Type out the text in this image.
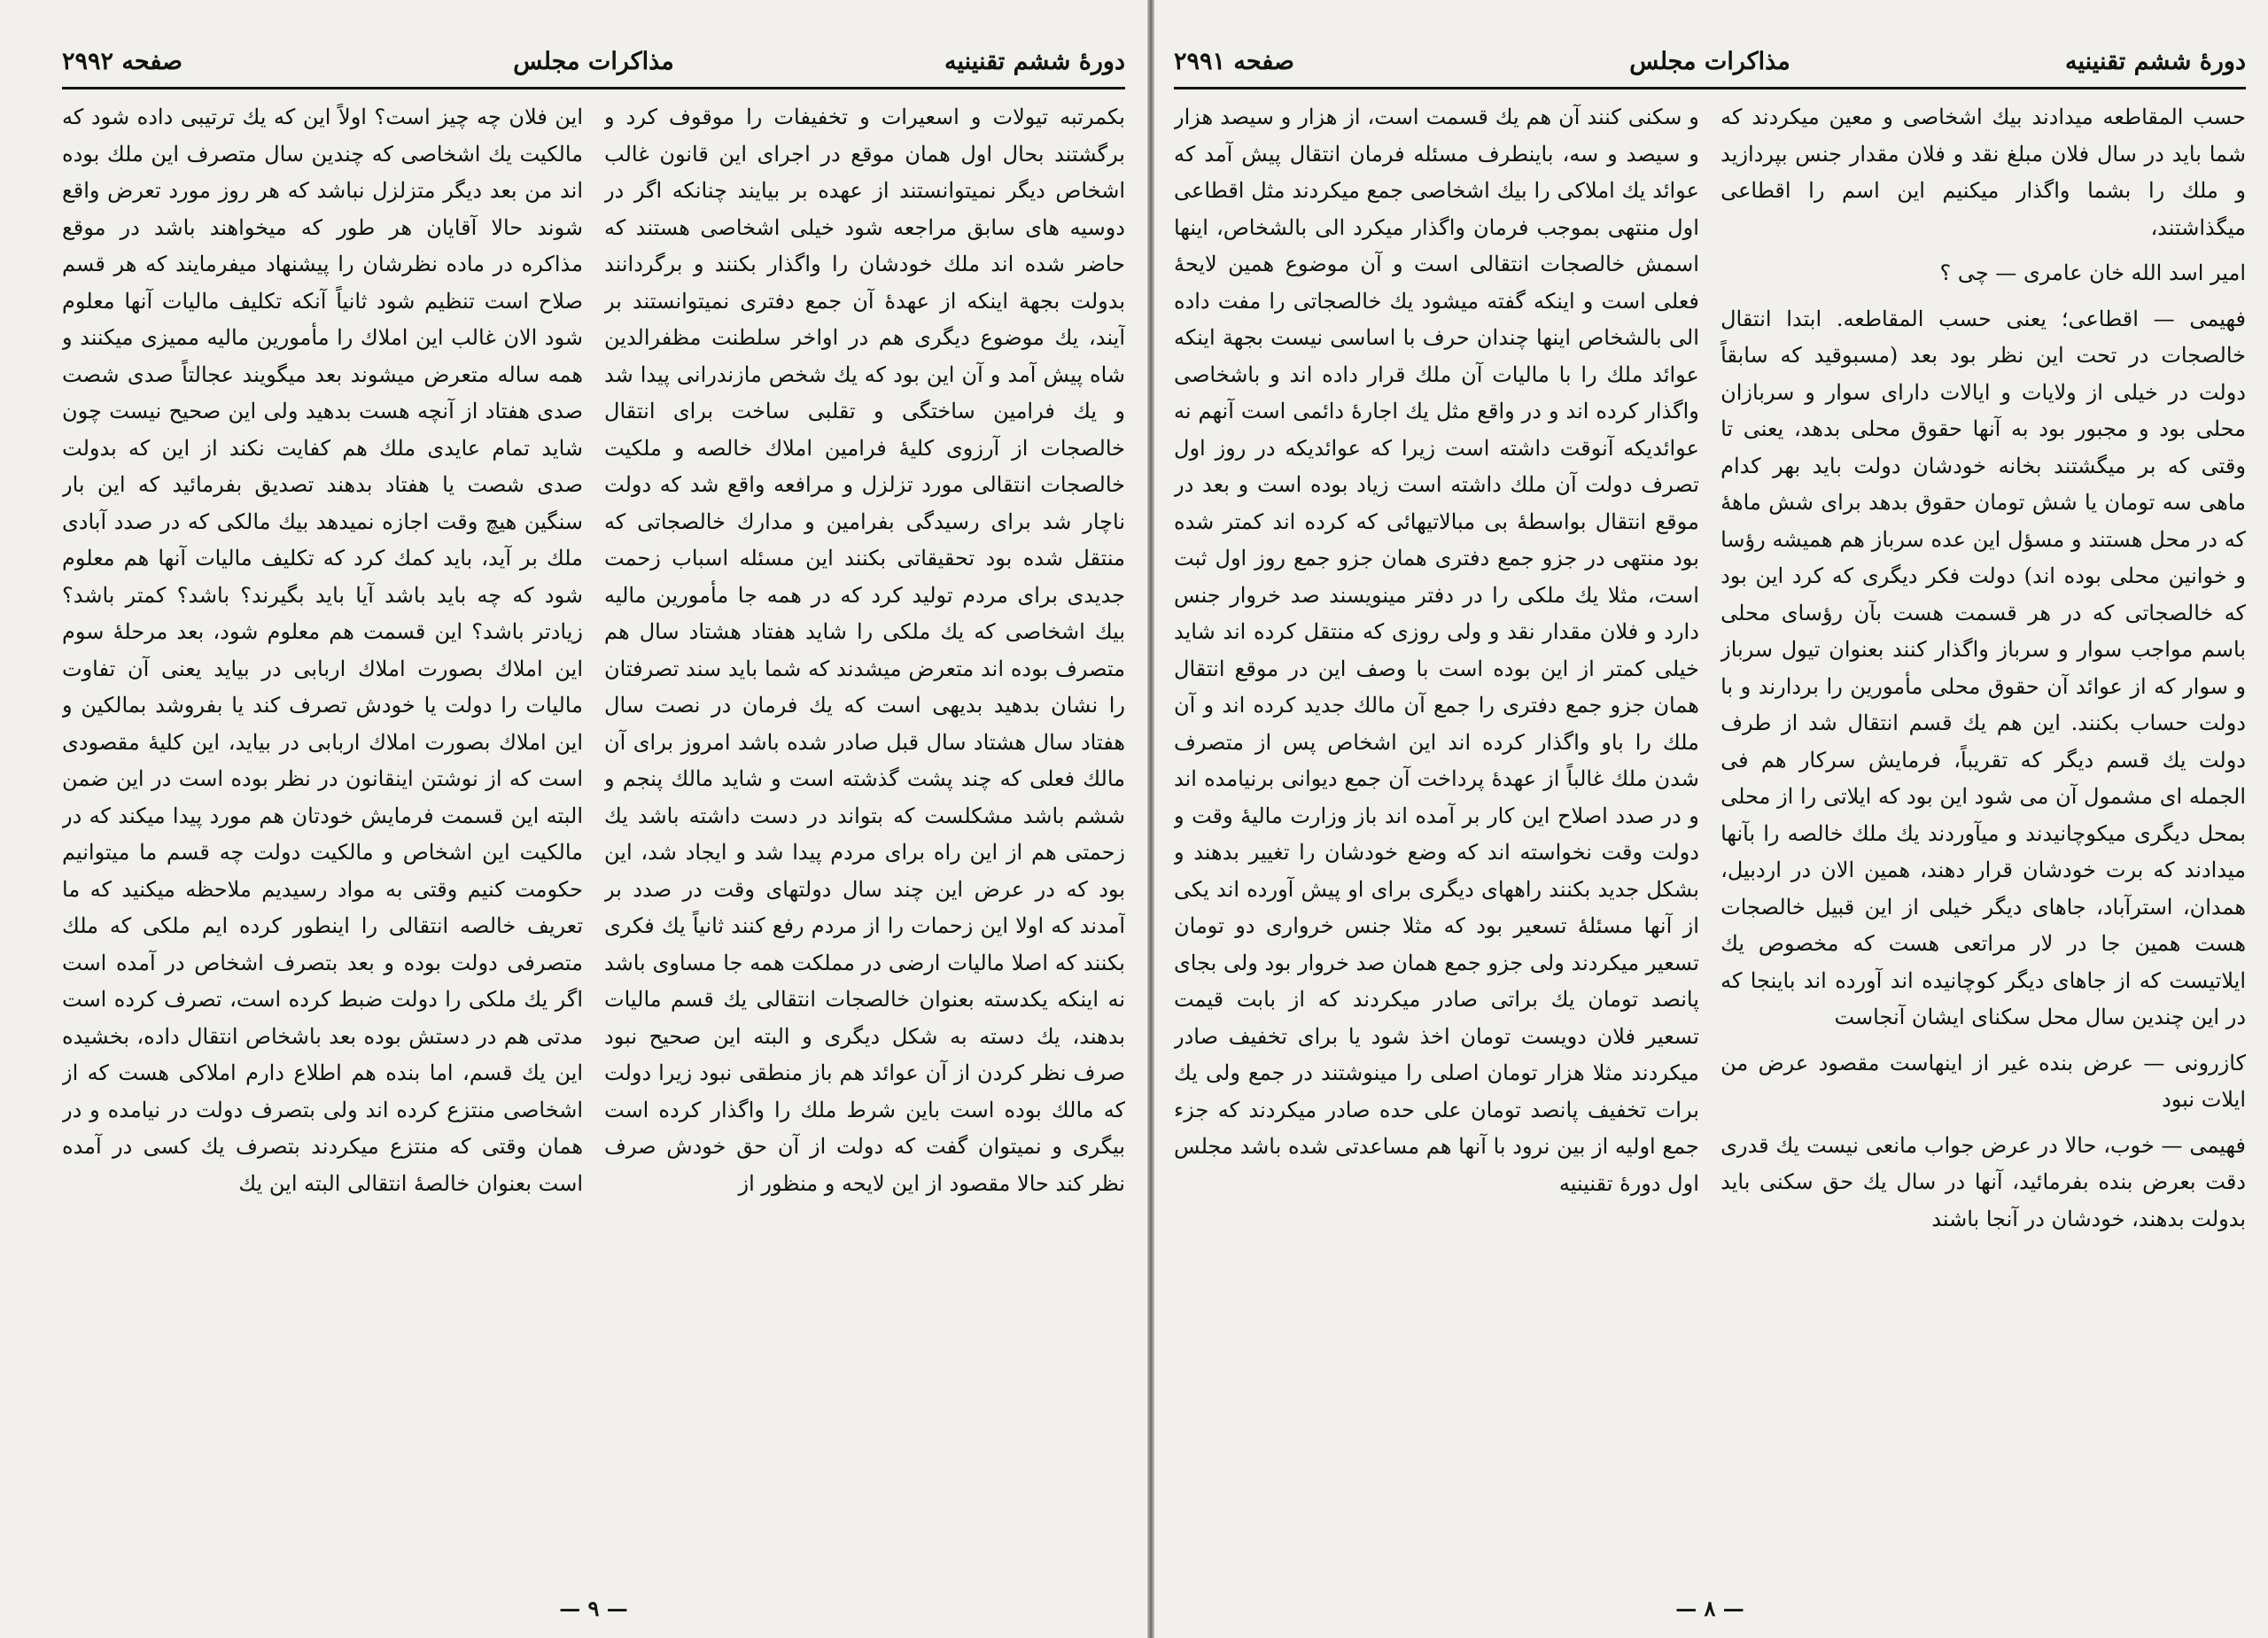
دورهٔ ششم تقنینیه
مذاکرات مجلس
صفحه ۲۹۹۲

بکمرتبه تیولات و اسعیرات و تخفیفات را موقوف کرد و برگشتند بحال اول همان موقع در اجرای این قانون غالب اشخاص دیگر نمیتوانستند از عهده بر بیایند چنانکه اگر در دوسیه های سابق مراجعه شود خیلی اشخاصی هستند که حاضر شده اند ملك خودشان را واگذار بکنند و برگردانند بدولت بجهة اینکه از عهدهٔ آن جمع دفتری نمیتوانستند بر آیند، یك موضوع دیگری هم در اواخر سلطنت مظفرالدین شاه پیش آمد و آن این بود که یك شخص مازندرانی پیدا شد و یك فرامین ساختگی و تقلبی ساخت برای انتقال خالصجات از آرزوی کلیهٔ فرامین املاك خالصه و ملکیت خالصجات انتقالی مورد تزلزل و مرافعه واقع شد که دولت ناچار شد برای رسیدگی بفرامین و مدارك خالصجاتی که منتقل شده بود تحقیقاتی بکنند این مسئله اسباب زحمت جدیدی برای مردم تولید کرد که در همه جا مأمورین مالیه بیك اشخاصی که یك ملکی را شاید هفتاد هشتاد سال هم متصرف بوده اند متعرض میشدند که شما باید سند تصرفتان را نشان بدهید بدیهی است که یك فرمان در نصت سال هفتاد سال هشتاد سال قبل صادر شده باشد امروز برای آن مالك فعلی که چند پشت گذشته است و شاید مالك پنجم و ششم باشد مشکلست که بتواند در دست داشته باشد یك زحمتی هم از این راه برای مردم پیدا شد و ایجاد شد، این بود که در عرض این چند سال دولتهای وقت در صدد بر آمدند که اولا این زحمات را از مردم رفع کنند ثانیاً یك فکری بکنند که اصلا مالیات ارضی در مملکت همه جا مساوی باشد نه اینکه یکدسته بعنوان خالصجات انتقالی یك قسم مالیات بدهند، یك دسته به شکل دیگری و البته این صحیح نبود صرف نظر کردن از آن عوائد هم باز منطقی نبود زیرا دولت که مالك بوده است باین شرط ملك را واگذار کرده است بیگری و نمیتوان گفت که دولت از آن حق خودش صرف نظر کند حالا مقصود از این لایحه و منظور از

این فلان چه چیز است؟ اولاً این که یك ترتیبی داده شود که مالکیت یك اشخاصی که چندین سال متصرف این ملك بوده اند من بعد دیگر متزلزل نباشد که هر روز مورد تعرض واقع شوند حالا آقایان هر طور که میخواهند باشد در موقع مذاکره در ماده نظرشان را پیشنهاد میفرمایند که هر قسم صلاح است تنظیم شود ثانیاً آنکه تکلیف مالیات آنها معلوم شود الان غالب این املاك را مأمورین مالیه ممیزی میکنند و همه ساله متعرض میشوند بعد میگویند عجالتاً صدی شصت صدی هفتاد از آنچه هست بدهید ولی این صحیح نیست چون شاید تمام عایدی ملك هم کفایت نکند از این که بدولت صدی شصت یا هفتاد بدهند تصدیق بفرمائید که این بار سنگین هیچ وقت اجازه نمیدهد بیك مالکی که در صدد آبادی ملك بر آید، باید کمك کرد که تکلیف مالیات آنها هم معلوم شود که چه باید باشد آیا باید بگیرند؟ باشد؟ کمتر باشد؟ زیادتر باشد؟ این قسمت هم معلوم شود، بعد مرحلهٔ سوم این املاك بصورت املاك اربابی در بیاید یعنی آن تفاوت مالیات را دولت یا خودش تصرف کند یا بفروشد بمالکین و این املاك بصورت املاك اربابی در بیاید، این کلیهٔ مقصودی است که از نوشتن اینقانون در نظر بوده است در این ضمن البته این قسمت فرمایش خودتان هم مورد پیدا میکند که در مالکیت این اشخاص و مالکیت دولت چه قسم ما میتوانیم حکومت کنیم وقتی به مواد رسیدیم ملاحظه میکنید که ما تعریف خالصه انتقالی را اینطور کرده ایم ملکی که ملك متصرفی دولت بوده و بعد بتصرف اشخاص در آمده است اگر یك ملکی را دولت ضبط کرده است، تصرف کرده است مدتی هم در دستش بوده بعد باشخاص انتقال داده، بخشیده این یك قسم، اما بنده هم اطلاع دارم املاکی هست که از اشخاصی منتزع کرده اند ولی بتصرف دولت در نیامده و در همان وقتی که منتزع میکردند بتصرف یك کسی در آمده است بعنوان خالصهٔ انتقالی البته این یك

— ۹ —
دورهٔ ششم تقنینیه
مذاکرات مجلس
صفحه ۲۹۹۱

حسب المقاطعه میدادند بیك اشخاصی و معین میکردند که شما باید در سال فلان مبلغ نقد و فلان مقدار جنس بپردازید و ملك را بشما واگذار میکنیم این اسم را اقطاعی میگذاشتند،

امیر اسد الله خان عامری — چی ؟

فهیمی — اقطاعی؛ یعنی حسب المقاطعه. ابتدا انتقال خالصجات در تحت این نظر بود بعد (مسبوقید که سابقاً دولت در خیلی از ولایات و ایالات دارای سوار و سربازان محلی بود و مجبور بود به آنها حقوق محلی بدهد، یعنی تا وقتی که بر میگشتند بخانه خودشان دولت باید بهر کدام ماهی سه تومان یا شش تومان حقوق بدهد برای شش ماههٔ که در محل هستند و مسؤل این عده سرباز هم همیشه رؤسا و خوانین محلی بوده اند) دولت فکر دیگری که کرد این بود که خالصجاتی که در هر قسمت هست بآن رؤسای محلی باسم مواجب سوار و سرباز واگذار کنند بعنوان تیول سرباز و سوار که از عوائد آن حقوق محلی مأمورین را بردارند و با دولت حساب بکنند. این هم یك قسم انتقال شد از طرف دولت یك قسم دیگر که تقریباً، فرمایش سرکار هم فی الجمله ای مشمول آن می شود این بود که ایلاتی را از محلی بمحل دیگری میکوچانیدند و میآوردند یك ملك خالصه را بآنها میدادند که برت خودشان قرار دهند، همین الان در اردبیل، همدان، استرآباد، جاهای دیگر خیلی از این قبیل خالصجات هست همین جا در لار مراتعی هست که مخصوص یك ایلاتیست که از جاهای دیگر کوچانیده اند آورده اند باینجا که در این چندین سال محل سکنای ایشان آنجاست

کازرونی — عرض بنده غیر از اینهاست مقصود عرض من ایلات نبود

فهیمی — خوب، حالا در عرض جواب مانعی نیست یك قدری دقت بعرض بنده بفرمائید، آنها در سال یك حق سکنی باید بدولت بدهند، خودشان در آنجا باشند

و سکنی کنند آن هم یك قسمت است، از هزار و سیصد هزار و سیصد و سه، باینطرف مسئله فرمان انتقال پیش آمد که عوائد یك املاکی را بیك اشخاصی جمع میکردند مثل اقطاعی اول منتهی بموجب فرمان واگذار میکرد الی بالشخاص، اینها اسمش خالصجات انتقالی است و آن موضوع همین لایحهٔ فعلی است و اینکه گفته میشود یك خالصجاتی را مفت داده الی بالشخاص اینها چندان حرف با اساسی نیست بجهة اینکه عوائد ملك را با مالیات آن ملك قرار داده اند و باشخاصی واگذار کرده اند و در واقع مثل یك اجارهٔ دائمی است آنهم نه عوائدیکه آنوقت داشته است زیرا که عوائدیکه در روز اول تصرف دولت آن ملك داشته است زیاد بوده است و بعد در موقع انتقال بواسطهٔ بی مبالاتیهائی که کرده اند کمتر شده بود منتهی در جزو جمع دفتری همان جزو جمع روز اول ثبت است، مثلا یك ملکی را در دفتر مینویسند صد خروار جنس دارد و فلان مقدار نقد و ولی روزی که منتقل کرده اند شاید خیلی کمتر از این بوده است با وصف این در موقع انتقال همان جزو جمع دفتری را جمع آن مالك جدید کرده اند و آن ملك را باو واگذار کرده اند این اشخاص پس از متصرف شدن ملك غالباً از عهدهٔ پرداخت آن جمع دیوانی برنیامده اند و در صدد اصلاح این کار بر آمده اند باز وزارت مالیهٔ وقت و دولت وقت نخواسته اند که وضع خودشان را تغییر بدهند و بشکل جدید بکنند راههای دیگری برای او پیش آورده اند یکی از آنها مسئلهٔ تسعیر بود که مثلا جنس خرواری دو تومان تسعیر میکردند ولی جزو جمع همان صد خروار بود ولی بجای پانصد تومان یك براتی صادر میکردند که از بابت قیمت تسعیر فلان دویست تومان اخذ شود یا برای تخفیف صادر میکردند مثلا هزار تومان اصلی را مینوشتند در جمع ولی یك برات تخفیف پانصد تومان علی حده صادر میکردند که جزء جمع اولیه از بین نرود با آنها هم مساعدتی شده باشد مجلس اول دورهٔ تقنینیه

— ۸ —
